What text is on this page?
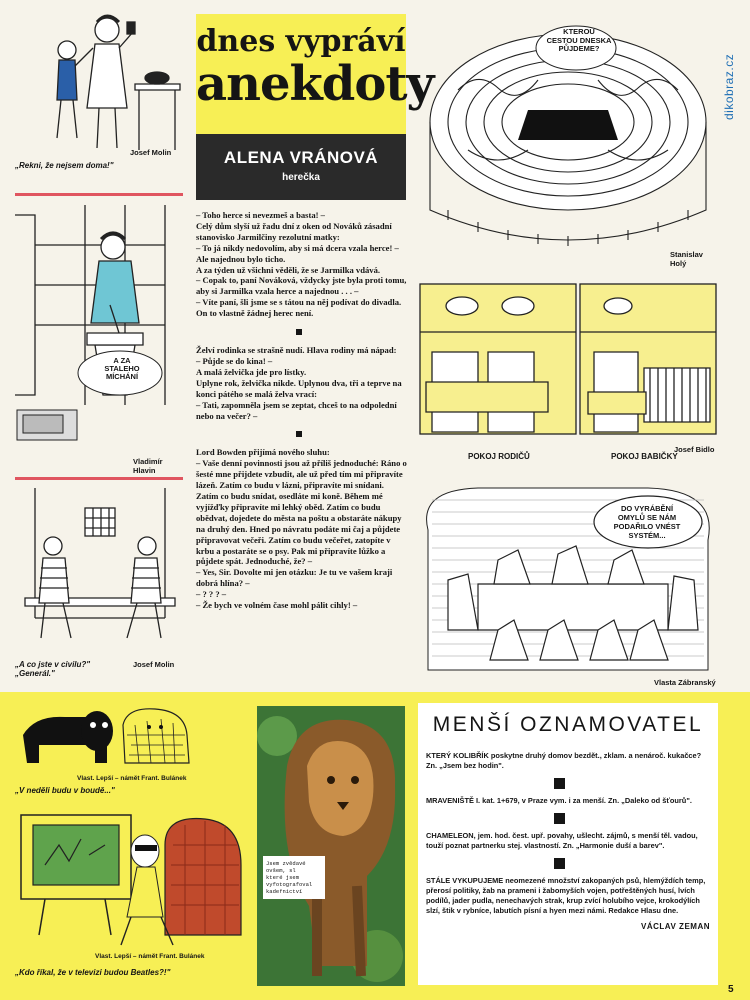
dikobraz.cz
„Rekni, že nejsem doma!"
Josef Molin
A ZA
STALEHO
MÍCHÁNÍ
Vladimír Hlavin
„A co jste v civilu?"
„Generál."
Josef Molin
dnes vypráví
anekdoty
ALENA VRÁNOVÁ
herečka

– Toho herce si nevezmeš a basta! –

Celý dům slyší už řadu dní z oken od Nováků zásadní stanovisko Jarmilčiny rezolutní matky:

– To já nikdy nedovolím, aby si má dcera vzala herce! –

Ale najednou bylo ticho.

A za týden už všichni věděli, že se Jarmilka vdává.

– Copak to, paní Nováková, vždycky jste byla proti tomu, aby si Jarmilka vzala herce a najednou . . . –

– Víte paní, šli jsme se s tátou na něj podívat do divadla. On to vlastně žádnej herec není.

Želví rodinka se strašně nudí. Hlava rodiny má nápad:

– Půjde se do kina! –

A malá želvička jde pro lístky.

Uplyne rok, želvička nikde. Uplynou dva, tři a teprve na konci pátého se malá želva vrací:

– Tati, zapomněla jsem se zeptat, chceš to na odpolední nebo na večer? –

Lord Bowden přijímá nového sluhu:

– Vaše denní povinnosti jsou až příliš jednoduché: Ráno o šesté mne přijdete vzbudit, ale už před tím mi připravíte lázeň. Zatím co budu v lázni, připravíte mi snídani. Zatím co budu snídat, osedláte mi koně. Během mé vyjížďky připravíte mi lehký oběd. Zatím co budu obědvat, dojedete do města na poštu a obstaráte nákupy na druhý den. Hned po návratu podáte mi čaj a půjdete připravovat večeři. Zatím co budu večeřet, zatopíte v krbu a postaráte se o psy. Pak mi připravíte lůžko a půjdete spát. Jednoduché, že? –

– Yes, Sir. Dovolte mi jen otázku: Je tu ve vašem kraji dobrá hlína? –

– ? ? ? –

– Že bych ve volném čase mohl pálit cihly! –

KTEROU
CESTOU DNESKA
PŮJDEME?
Stanislav Holý
POKOJ RODIČŮ	POKOJ BABIČKY
Josef Bidlo
DO VYRÁBĚNÍ
OMYLŮ SE NÁM
PODAŘILO VNÉST
SYSTÉM...
Vlasta Zábranský
Vlast. Lepší – námět Frant. Bulánek
„V neděli budu v boudě..."
Vlast. Lepší – námět Frant. Bulánek
„Kdo říkal, že v televizi budou Beatles?!"
Jsem zvědavé
ovšem, sl
které jsem
vyfotografoval
kadeřnictví
MENŠÍ OZNAMOVATEL

KTERÝ KOLIBŘÍK poskytne druhý domov bezdět., zklam. a nenároč. kukačce? Zn. „Jsem bez hodin".

MRAVENIŠTĚ I. kat. 1+679, v Praze vym. i za menší. Zn. „Daleko od šťourů".

CHAMELEON, jem. hod. čest. upř. povahy, ušlecht. zájmů, s menší těl. vadou, touží poznat partnerku stej. vlastností. Zn. „Harmonie duší a barev".

STÁLE VYKUPUJEME neomezené množství zakopaných psů, hlemýždích temp, přerosí politiky, žab na prameni i žabomyších vojen, potřeštěných husí, lvích podílů, jader pudla, nenechavých strak, krup zvící holubího vejce, krokodýlích slzí, štik v rybníce, labutích písní a hyen mezi námi. Redakce Hlasu dne.

VÁCLAV ZEMAN
5
